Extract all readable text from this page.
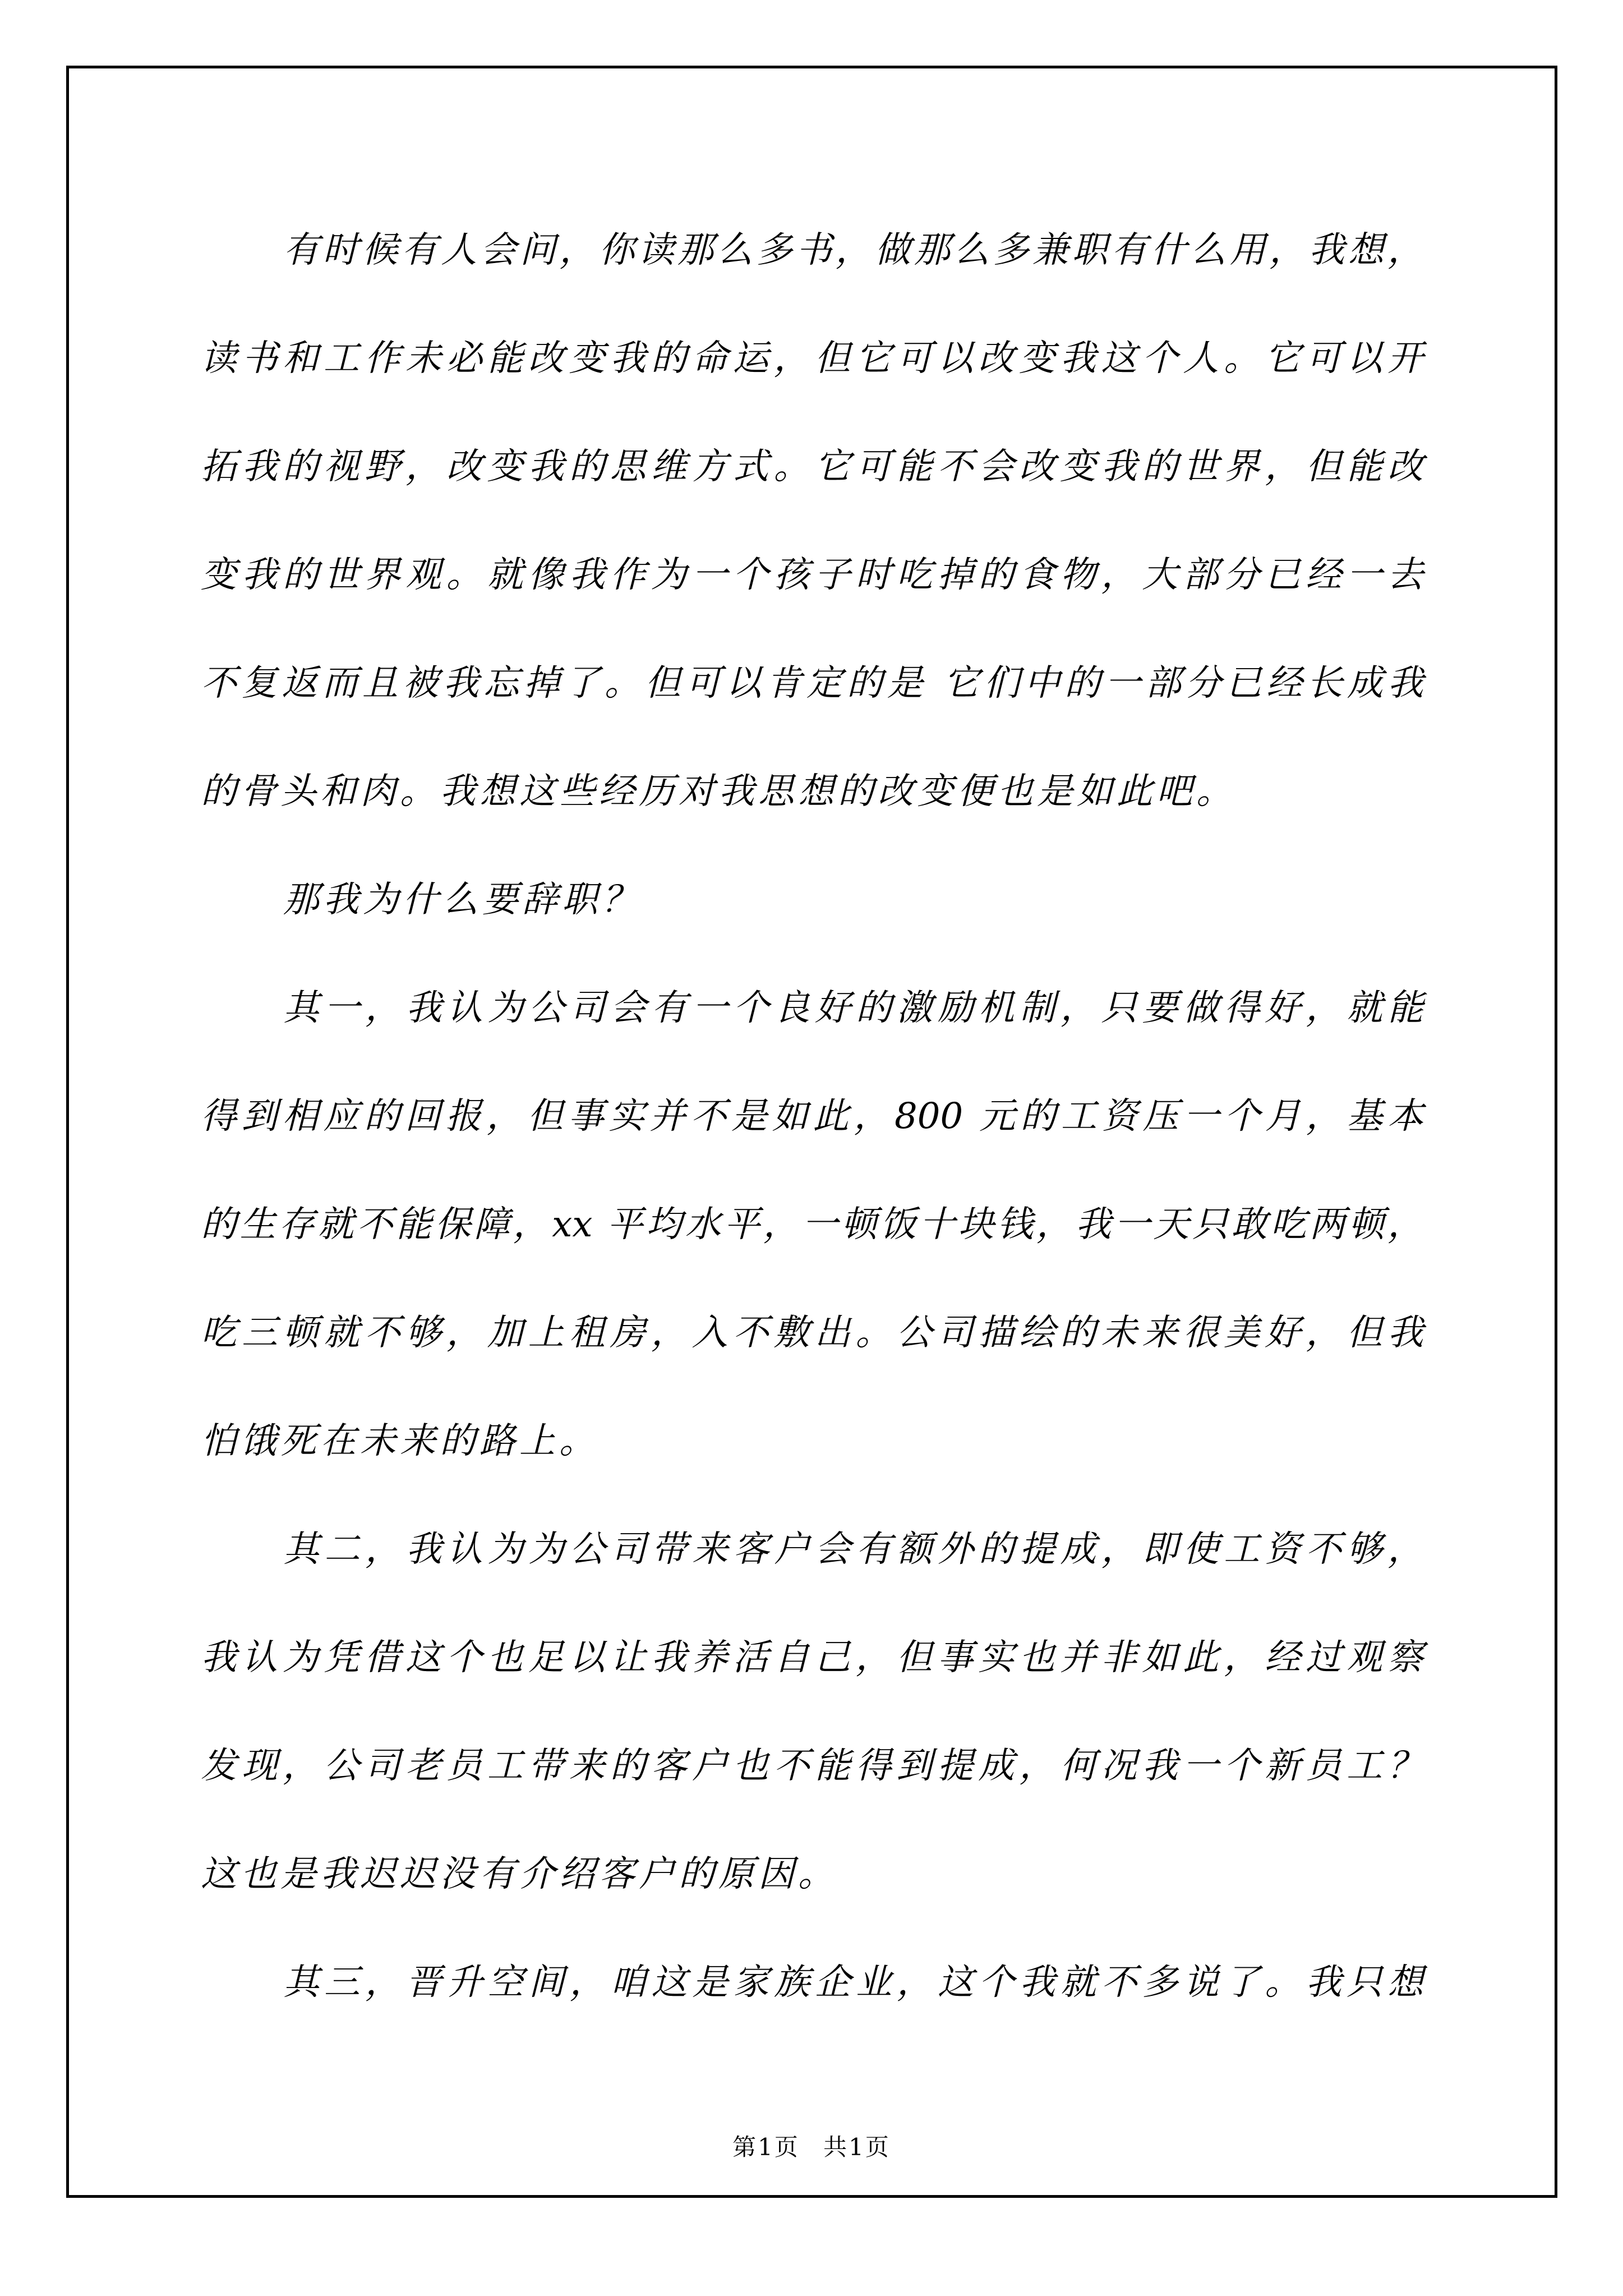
有时候有人会问，你读那么多书，做那么多兼职有什么用，我想，
读书和工作未必能改变我的命运，但它可以改变我这个人。它可以开
拓我的视野，改变我的思维方式。它可能不会改变我的世界，但能改
变我的世界观。就像我作为一个孩子时吃掉的食物，大部分已经一去
不复返而且被我忘掉了。但可以肯定的是 它们中的一部分已经长成我
的骨头和肉。我想这些经历对我思想的改变便也是如此吧。
那我为什么要辞职？
其一，我认为公司会有一个良好的激励机制，只要做得好，就能
得到相应的回报，但事实并不是如此，800 元的工资压一个月，基本
的生存就不能保障，xx 平均水平，一顿饭十块钱，我一天只敢吃两顿，
吃三顿就不够，加上租房，入不敷出。公司描绘的未来很美好，但我
怕饿死在未来的路上。
其二，我认为为公司带来客户会有额外的提成，即使工资不够，
我认为凭借这个也足以让我养活自己，但事实也并非如此，经过观察
发现，公司老员工带来的客户也不能得到提成，何况我一个新员工？
这也是我迟迟没有介绍客户的原因。
其三，晋升空间，咱这是家族企业，这个我就不多说了。我只想
第1页 共1页
